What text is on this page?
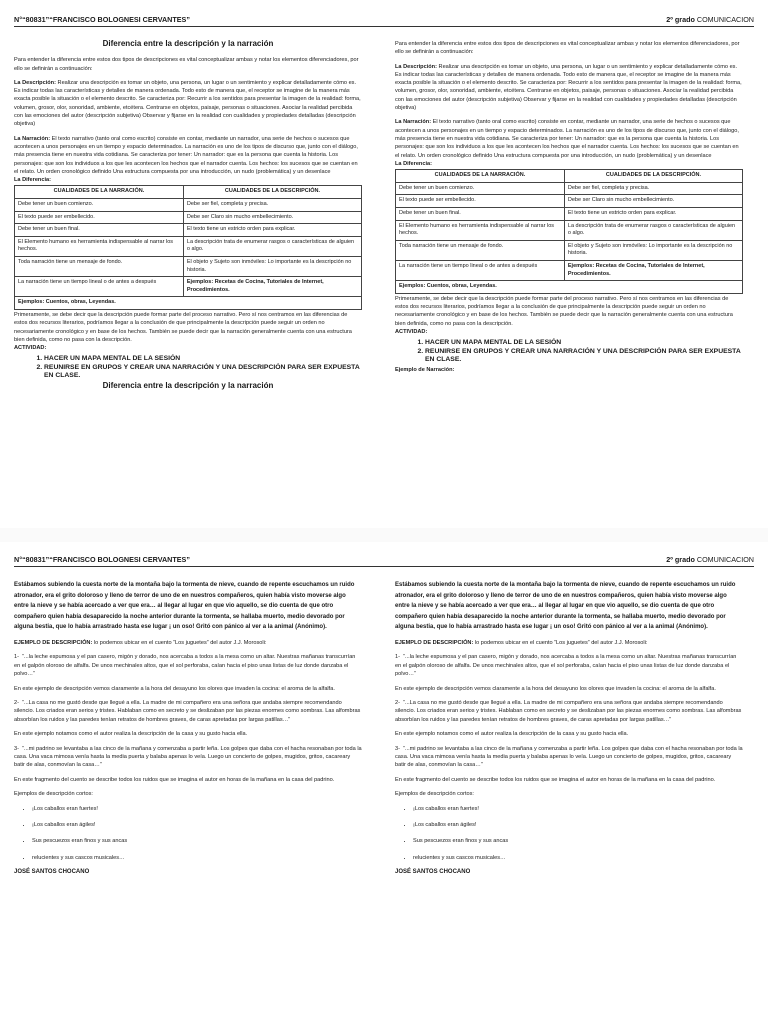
N°“80831”“FRANCISCO BOLOGNESI CERVANTES”	2º grado COMUNICACION
Diferencia entre la descripción y la narración

Para entender la diferencia entre estos dos tipos de descripciones es vital conceptualizar ambas y notar los elementos diferenciadores, por ello se definirán a continuación:

La Descripción: Realizar una descripción es tomar un objeto, una persona, un lugar o un sentimiento y explicar detalladamente cómo es. Es indicar todas las características y detalles de manera ordenada. Todo esto de manera que, el receptor se imagine de la manera más exacta posible la situación o el elemento descrito. Se caracteriza por: Recurrir a los sentidos para presentar la imagen de la realidad: forma, volumen, grosor, olor, sonoridad, ambiente, etcétera. Centrarse en objetos, paisaje, personas o situaciones. Asociar la realidad percibida con las emociones del autor (descripción subjetiva) Observar y fijarse en la realidad con cualidades y propiedades detalladas (descripción objetiva)

La Narración: El texto narrativo (tanto oral como escrito) consiste en contar, mediante un narrador, una serie de hechos o sucesos que acontecen a unos personajes en un tiempo y espacio determinados. La narración es uno de los tipos de discurso que, junto con el diálogo, más presencia tiene en nuestra vida cotidiana. Se caracteriza por tener: Un narrador: que es la persona que cuenta la historia. Los personajes: que son los individuos a los que les acontecen los hechos que el narrador cuenta. Los hechos: los sucesos que se cuentan en el relato. Un orden cronológico definido Una estructura compuesta por una introducción, un nudo (problemática) y un desenlace

La Diferencia:
CUALIDADES DE LA NARRACIÓN.	CUALIDADES DE LA DESCRIPCIÓN.
Debe tener un buen comienzo.	Debe ser fiel, completa y precisa.
El texto puede ser embellecido.	Debe ser Claro sin mucho embellecimiento.
Debe tener un buen final.	El texto tiene un estricto orden para explicar.
El Elemento humano es herramienta indispensable al narrar los hechos.	La descripción trata de enumerar rasgos o características de alguien o algo.
Toda narración tiene un mensaje de fondo.	El objeto y Sujeto son inmóviles: Lo importante es la descripción no historia.
La narración tiene un tiempo lineal o de antes a después	Ejemplos: Recetas de Cocina, Tutoriales de Internet, Procedimientos.
Ejemplos: Cuentos, obras, Leyendas.	

Primeramente, se debe decir que la descripción puede formar parte del proceso narrativo. Pero sí nos centramos en las diferencias de estos dos recursos literarios, podríamos llegar a la conclusión de que principalmente la descripción puede seguir un orden no necesariamente cronológico y en base de los hechos. También se puede decir que la narración generalmente cuenta con una estructura bien definida, como no pasa con la descripción.

ACTIVIDAD:
1. HACER UN MAPA MENTAL DE LA SESIÓN
2. REUNIRSE EN GRUPOS Y CREAR UNA NARRACIÓN Y UNA DESCRIPCIÓN PARA SER EXPUESTA EN CLASE.
Diferencia entre la descripción y la narración

Para entender la diferencia entre estos dos tipos de descripciones es vital conceptualizar ambas y notar los elementos diferenciadores, por ello se definirán a continuación:

La Descripción: Realizar una descripción es tomar un objeto, una persona, un lugar o un sentimiento y explicar detalladamente cómo es. Es indicar todas las características y detalles de manera ordenada. Todo esto de manera que, el receptor se imagine de la manera más exacta posible la situación o el elemento descrito. Se caracteriza por: Recurrir a los sentidos para presentar la imagen de la realidad: forma, volumen, grosor, olor, sonoridad, ambiente, etcétera. Centrarse en objetos, paisaje, personas o situaciones. Asociar la realidad percibida con las emociones del autor (descripción subjetiva) Observar y fijarse en la realidad con cualidades y propiedades detalladas (descripción objetiva)

La Narración: El texto narrativo (tanto oral como escrito) consiste en contar, mediante un narrador, una serie de hechos o sucesos que acontecen a unos personajes en un tiempo y espacio determinados. La narración es uno de los tipos de discurso que, junto con el diálogo, más presencia tiene en nuestra vida cotidiana. Se caracteriza por tener: Un narrador: que es la persona que cuenta la historia. Los personajes: que son los individuos a los que les acontecen los hechos que el narrador cuenta. Los hechos: los sucesos que se cuentan en el relato. Un orden cronológico definido Una estructura compuesta por una introducción, un nudo (problemática) y un desenlace

La Diferencia:
CUALIDADES DE LA NARRACIÓN.	CUALIDADES DE LA DESCRIPCIÓN.
Debe tener un buen comienzo.	Debe ser fiel, completa y precisa.
El texto puede ser embellecido.	Debe ser Claro sin mucho embellecimiento.
Debe tener un buen final.	El texto tiene un estricto orden para explicar.
El Elemento humano es herramienta indispensable al narrar los hechos.	La descripción trata de enumerar rasgos o características de alguien o algo.
Toda narración tiene un mensaje de fondo.	El objeto y Sujeto son inmóviles: Lo importante es la descripción no historia.
La narración tiene un tiempo lineal o de antes a después	Ejemplos: Recetas de Cocina, Tutoriales de Internet, Procedimientos.
Ejemplos: Cuentos, obras, Leyendas.	

Primeramente, se debe decir que la descripción puede formar parte del proceso narrativo. Pero sí nos centramos en las diferencias de estos dos recursos literarios, podríamos llegar a la conclusión de que principalmente la descripción puede seguir un orden no necesariamente cronológico y en base de los hechos. También se puede decir que la narración generalmente cuenta con una estructura bien definida, como no pasa con la descripción.

ACTIVIDAD:
1. HACER UN MAPA MENTAL DE LA SESIÓN
2. REUNIRSE EN GRUPOS Y CREAR UNA NARRACIÓN Y UNA DESCRIPCIÓN PARA SER EXPUESTA EN CLASE.
Ejemplo de Narración:
N°“80831”“FRANCISCO BOLOGNESI CERVANTES”	2º grado COMUNICACION

Estábamos subiendo la cuesta norte de la montaña bajo la tormenta de nieve, cuando de repente escuchamos un ruido atronador, era el grito doloroso y lleno de terror de uno de en nuestros compañeros, quien había visto moverse algo entre la nieve y se había acercado a ver que era… al llegar al lugar en que vio aquello, se dio cuenta de que otro compañero quien había desaparecido la noche anterior durante la tormenta, se hallaba muerto, medio devorado por alguna bestia, que lo había arrastrado hasta ese lugar ¡ un oso! Gritó con pánico al ver a la animal (Anónimo).

EJEMPLO DE DESCRIPCIÓN: lo podemos ubicar en el cuento “Los juguetes” del autor J.J. Morosoli:

1- “...la leche espumosa y el pan casero, migón y dorado, nos acercaba a todos a la mesa como un altar. Nuestras mañanas transcurrían en el galpón oloroso de alfalfa. De unos mechinales altos, que el sol perforaba, caían hacia el piso unas listas de luz donde danzaba el polvo…”

En este ejemplo de descripción vemos claramente a la hora del desayuno los olores que invaden la cocina: el aroma de la alfalfa.

2- “...La casa no me gustó desde que llegué a ella. La madre de mi compañero era una señora que andaba siempre recomendando silencio. Los criados eran serios y tristes. Hablaban como en secreto y se deslizaban por las piezas enormes como sombras. Las alfombras absorbían los ruidos y las paredes tenían retratos de hombres graves, de caras apretadas por largas patillas…”

En este ejemplo notamos como el autor realiza la descripción de la casa y su gusto hacia ella.

3- “...mi padrino se levantaba a las cinco de la mañana y comenzaba a partir leña. Los golpes que daba con el hacha resonaban por toda la casa. Una vaca mimosa venía hasta la media puerta y balaba apenas lo veía. Luego un concierto de golpes, mugidos, gritos, cacareary batir de alas, conmovían la casa…”

En este fragmento del cuento se describe todos los ruidos que se imagina el autor en horas de la mañana en la casa del padrino.

Ejemplos de descripción cortos:

• ¡Los caballos eran fuertes!
• ¡Los caballos eran ágiles!
• Sus pescuezos eran finos y sus ancas
• relucientes y sus cascos musicales…
JOSÉ SANTOS CHOCANO

Estábamos subiendo la cuesta norte de la montaña bajo la tormenta de nieve, cuando de repente escuchamos un ruido atronador, era el grito doloroso y lleno de terror de uno de en nuestros compañeros, quien había visto moverse algo entre la nieve y se había acercado a ver que era… al llegar al lugar en que vio aquello, se dio cuenta de que otro compañero quien había desaparecido la noche anterior durante la tormenta, se hallaba muerto, medio devorado por alguna bestia, que lo había arrastrado hasta ese lugar ¡ un oso! Gritó con pánico al ver a la animal (Anónimo).

EJEMPLO DE DESCRIPCIÓN: lo podemos ubicar en el cuento “Los juguetes” del autor J.J. Morosoli:

1- “...la leche espumosa y el pan casero, migón y dorado, nos acercaba a todos a la mesa como un altar. Nuestras mañanas transcurrían en el galpón oloroso de alfalfa. De unos mechinales altos, que el sol perforaba, caían hacia el piso unas listas de luz donde danzaba el polvo…”

En este ejemplo de descripción vemos claramente a la hora del desayuno los olores que invaden la cocina: el aroma de la alfalfa.

2- “...La casa no me gustó desde que llegué a ella. La madre de mi compañero era una señora que andaba siempre recomendando silencio. Los criados eran serios y tristes. Hablaban como en secreto y se deslizaban por las piezas enormes como sombras. Las alfombras absorbían los ruidos y las paredes tenían retratos de hombres graves, de caras apretadas por largas patillas…”

En este ejemplo notamos como el autor realiza la descripción de la casa y su gusto hacia ella.

3- “...mi padrino se levantaba a las cinco de la mañana y comenzaba a partir leña. Los golpes que daba con el hacha resonaban por toda la casa. Una vaca mimosa venía hasta la media puerta y balaba apenas lo veía. Luego un concierto de golpes, mugidos, gritos, cacareary batir de alas, conmovían la casa…”

En este fragmento del cuento se describe todos los ruidos que se imagina el autor en horas de la mañana en la casa del padrino.

Ejemplos de descripción cortos:

• ¡Los caballos eran fuertes!
• ¡Los caballos eran ágiles!
• Sus pescuezos eran finos y sus ancas
• relucientes y sus cascos musicales…
JOSÉ SANTOS CHOCANO
